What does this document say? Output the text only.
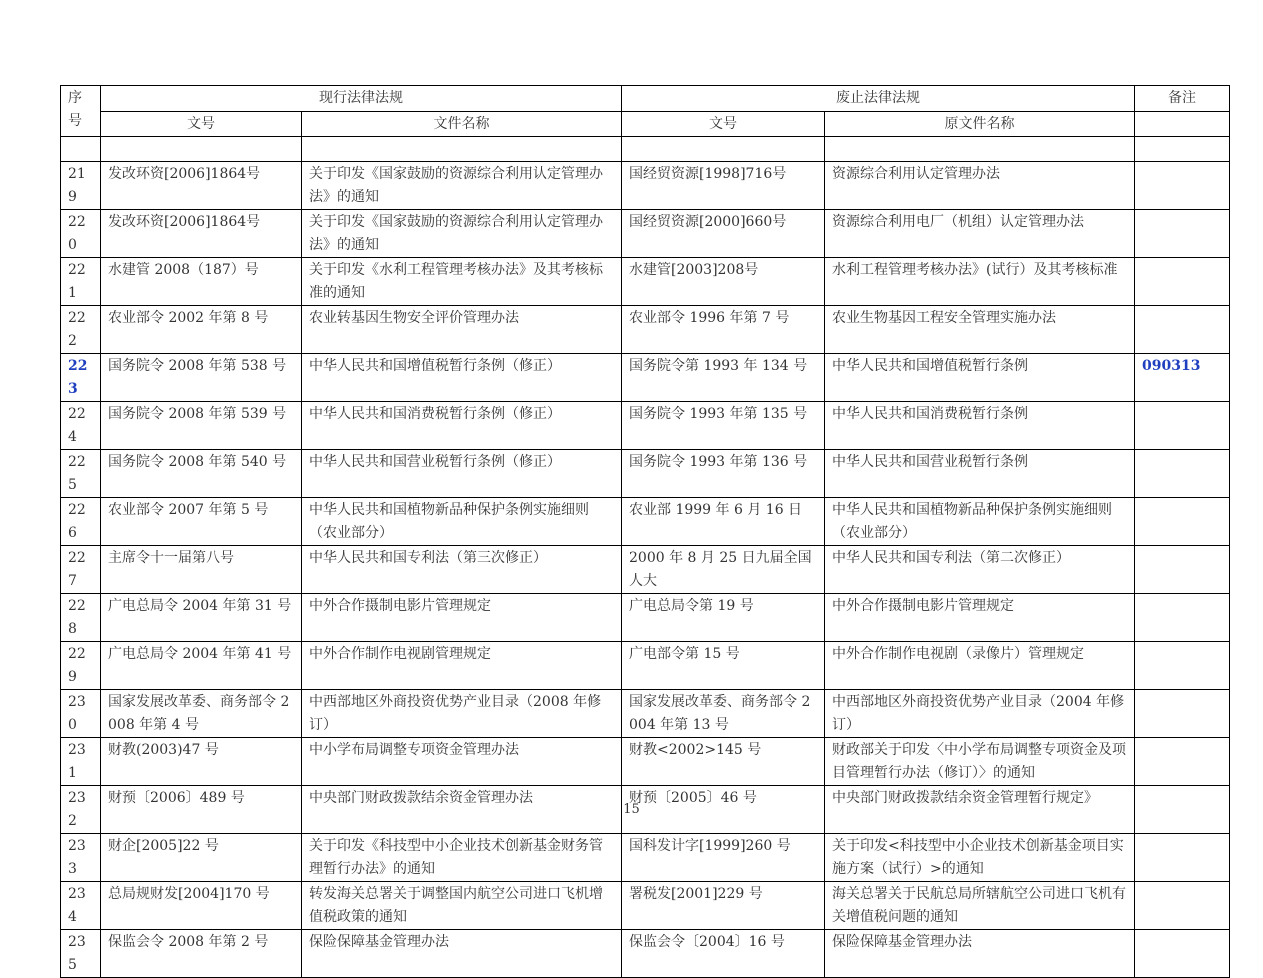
序号	现行法律法规		废止法律法规		备注
	文号	文件名称	文号	原文件名称	

219	发改环资[2006]1864号	关于印发《国家鼓励的资源综合利用认定管理办法》的通知	国经贸资源[1998]716号	资源综合利用认定管理办法	
220	发改环资[2006]1864号	关于印发《国家鼓励的资源综合利用认定管理办法》的通知	国经贸资源[2000]660号	资源综合利用电厂（机组）认定管理办法	
221	水建管 2008（187）号	关于印发《水利工程管理考核办法》及其考核标准的通知	水建管[2003]208号	水利工程管理考核办法》(试行）及其考核标准	
222	农业部令 2002 年第 8 号	农业转基因生物安全评价管理办法	农业部令 1996 年第 7 号	农业生物基因工程安全管理实施办法	
223	国务院令 2008 年第 538 号	中华人民共和国增值税暂行条例（修正）	国务院令第 1993 年 134 号	中华人民共和国增值税暂行条例	090313
224	国务院令 2008 年第 539 号	中华人民共和国消费税暂行条例（修正）	国务院令 1993 年第 135 号	中华人民共和国消费税暂行条例	
225	国务院令 2008 年第 540 号	中华人民共和国营业税暂行条例（修正）	国务院令 1993 年第 136 号	中华人民共和国营业税暂行条例	
226	农业部令 2007 年第 5 号	中华人民共和国植物新品种保护条例实施细则（农业部分）	农业部 1999 年 6 月 16 日	中华人民共和国植物新品种保护条例实施细则（农业部分）	
227	主席令十一届第八号	中华人民共和国专利法（第三次修正）	2000 年 8 月 25 日九届全国人大	中华人民共和国专利法（第二次修正）	
228	广电总局令 2004 年第 31 号	中外合作摄制电影片管理规定	广电总局令第 19 号	中外合作摄制电影片管理规定	
229	广电总局令 2004 年第 41 号	中外合作制作电视剧管理规定	广电部令第 15 号	中外合作制作电视剧（录像片）管理规定	
230	国家发展改革委、商务部令 2008 年第 4 号	中西部地区外商投资优势产业目录（2008 年修订）	国家发展改革委、商务部令 2004 年第 13 号	中西部地区外商投资优势产业目录（2004 年修订）	
231	财教(2003)47 号	中小学布局调整专项资金管理办法	财教<2002>145 号	财政部关于印发〈中小学布局调整专项资金及项目管理暂行办法（修订）〉的通知	
232	财预〔2006〕489 号	中央部门财政拨款结余资金管理办法	财预〔2005〕46 号	中央部门财政拨款结余资金管理暂行规定》	
233	财企[2005]22 号	关于印发《科技型中小企业技术创新基金财务管理暂行办法》的通知	国科发计字[1999]260 号	关于印发<科技型中小企业技术创新基金项目实施方案（试行）>的通知	
234	总局规财发[2004]170 号	转发海关总署关于调整国内航空公司进口飞机增值税政策的通知	署税发[2001]229 号	海关总署关于民航总局所辖航空公司进口飞机有关增值税问题的通知	
235	保监会令 2008 年第 2 号	保险保障基金管理办法	保监会令〔2004〕16 号	保险保障基金管理办法	
15
